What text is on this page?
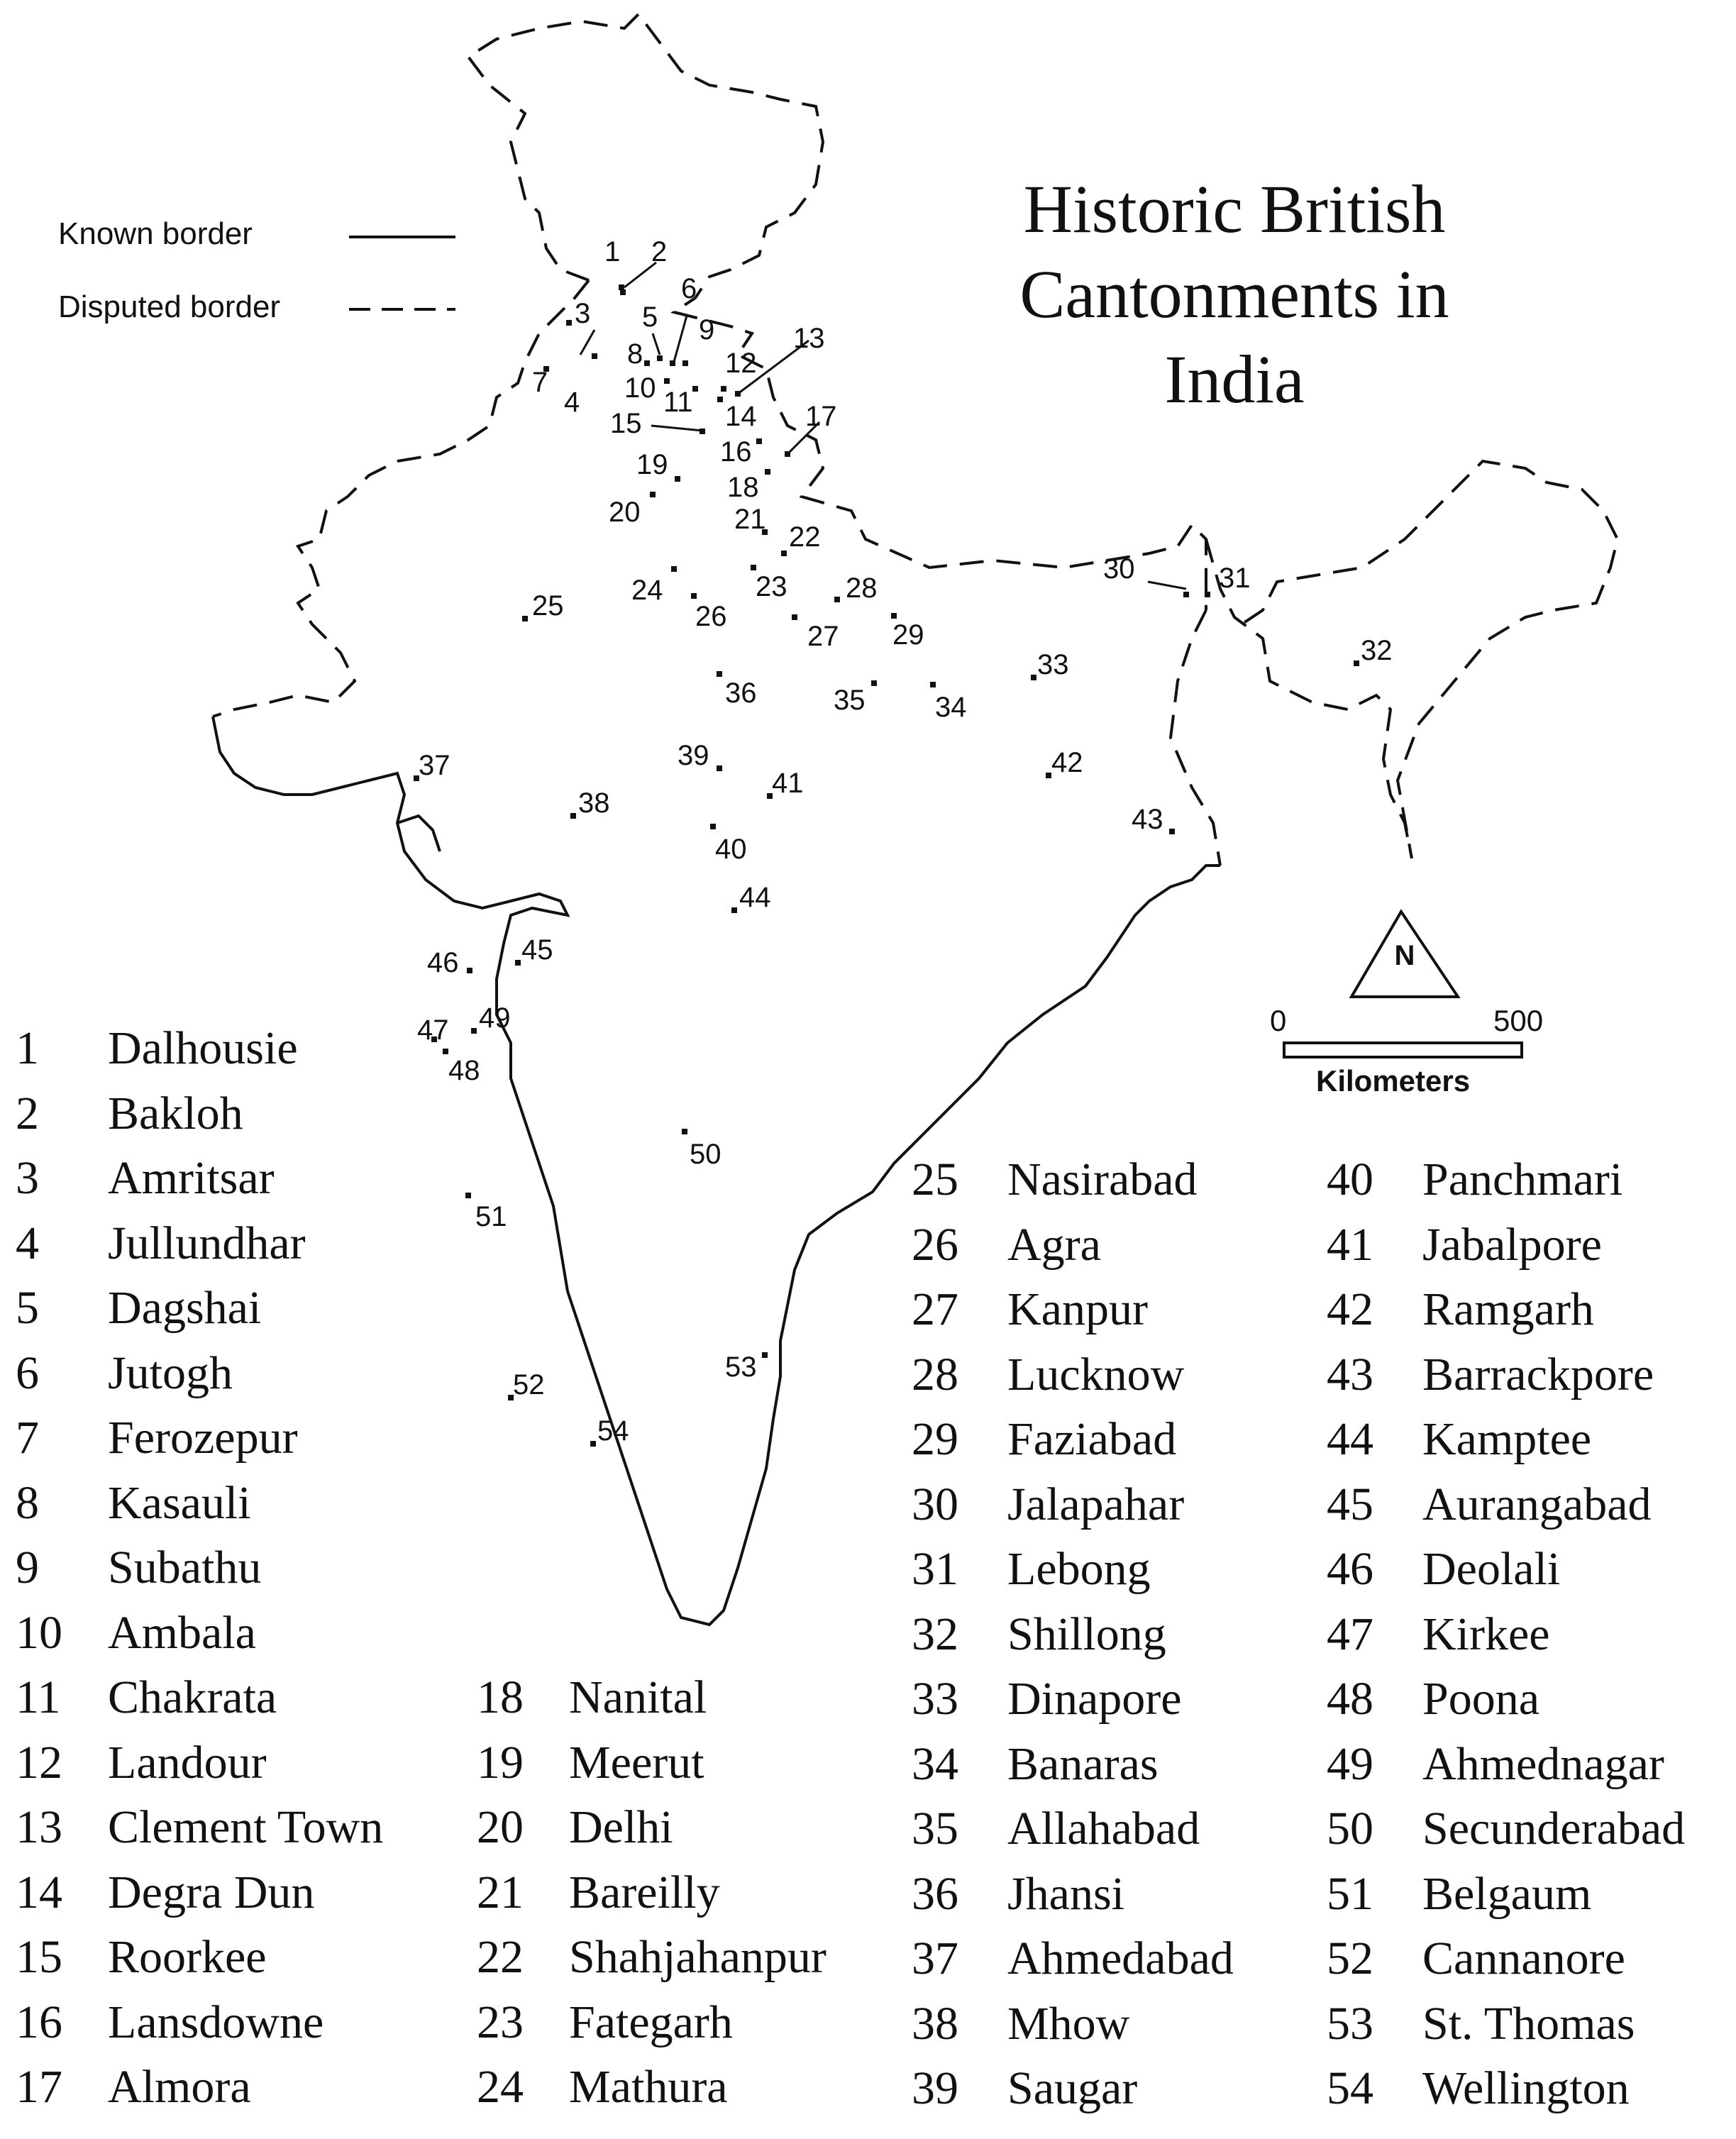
N
1 2
3
4
5
6
7
8
9
10 11
12
13
14
15
16
17
18
19
20	21
22
23
24
25	26
27
28
29
30	31
32
33
34
35
36
37
38
39
40
41
42
43
44
45
46
47
48
49
50
51
52
53
54
Historic British
Cantonments in
India
Known border
Disputed border
0	500
Kilometers
1 Dalhousie
2 Bakloh
3 Amritsar
4 Jullundhar
5 Dagshai
6 Jutogh
7 Ferozepur
8 Kasauli
9 Subathu
10 Ambala
11 Chakrata
12 Landour
13 Clement Town
14 Degra Dun
15 Roorkee
16 Lansdowne
17 Almora
18 Nanital
19 Meerut
20 Delhi
21 Bareilly
22 Shahjahanpur
23 Fategarh
24 Mathura
25 Nasirabad
26 Agra
27 Kanpur
28 Lucknow
29 Faziabad
30 Jalapahar
31 Lebong
32 Shillong
33 Dinapore
34 Banaras
35 Allahabad
36 Jhansi
37 Ahmedabad
38 Mhow
39 Saugar
40 Panchmari
41 Jabalpore
42 Ramgarh
43 Barrackpore
44 Kamptee
45 Aurangabad
46 Deolali
47 Kirkee
48 Poona
49 Ahmednagar
50 Secunderabad
51 Belgaum
52 Cannanore
53 St. Thomas
54 Wellington
